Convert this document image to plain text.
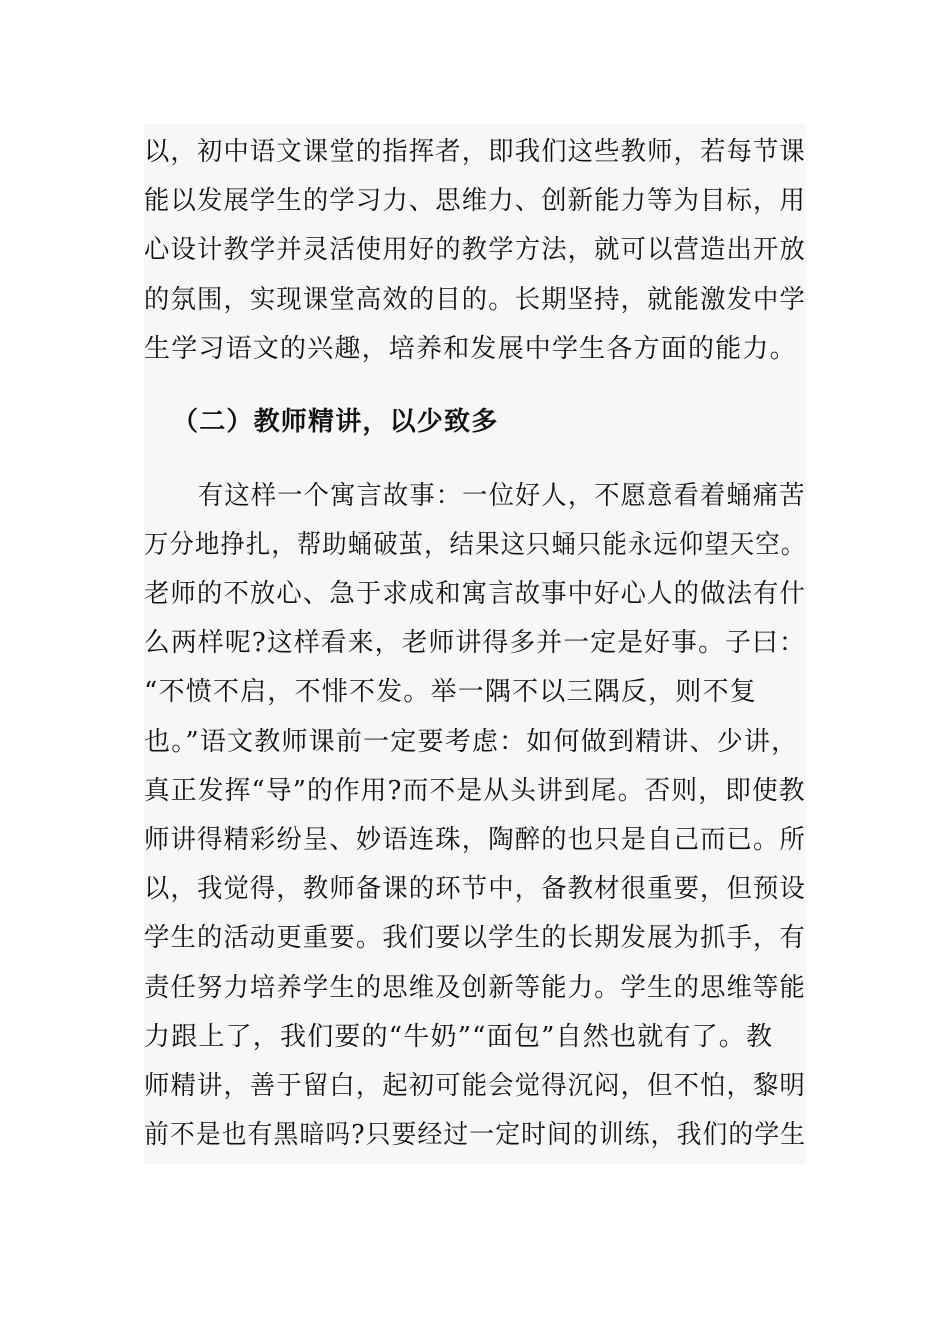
以，初中语文课堂的指挥者，即我们这些教师，若每节课
能以发展学生的学习力、思维力、创新能力等为目标，用
心设计教学并灵活使用好的教学方法，就可以营造出开放
的氛围，实现课堂高效的目的。长期坚持，就能激发中学
生学习语文的兴趣，培养和发展中学生各方面的能力。
（二）教师精讲，以少致多
有这样一个寓言故事：一位好人，不愿意看着蛹痛苦
万分地挣扎，帮助蛹破茧，结果这只蛹只能永远仰望天空。
老师的不放心、急于求成和寓言故事中好心人的做法有什
么两样呢?这样看来，老师讲得多并一定是好事。子曰：
“不愤不启，不悱不发。举一隅不以三隅反，则不复
也。”语文教师课前一定要考虑：如何做到精讲、少讲，
真正发挥“导”的作用?而不是从头讲到尾。否则，即使教
师讲得精彩纷呈、妙语连珠，陶醉的也只是自己而已。所
以，我觉得，教师备课的环节中，备教材很重要，但预设
学生的活动更重要。我们要以学生的长期发展为抓手，有
责任努力培养学生的思维及创新等能力。学生的思维等能
力跟上了，我们要的“牛奶”“面包”自然也就有了。教
师精讲，善于留白，起初可能会觉得沉闷，但不怕，黎明
前不是也有黑暗吗?只要经过一定时间的训练，我们的学生
